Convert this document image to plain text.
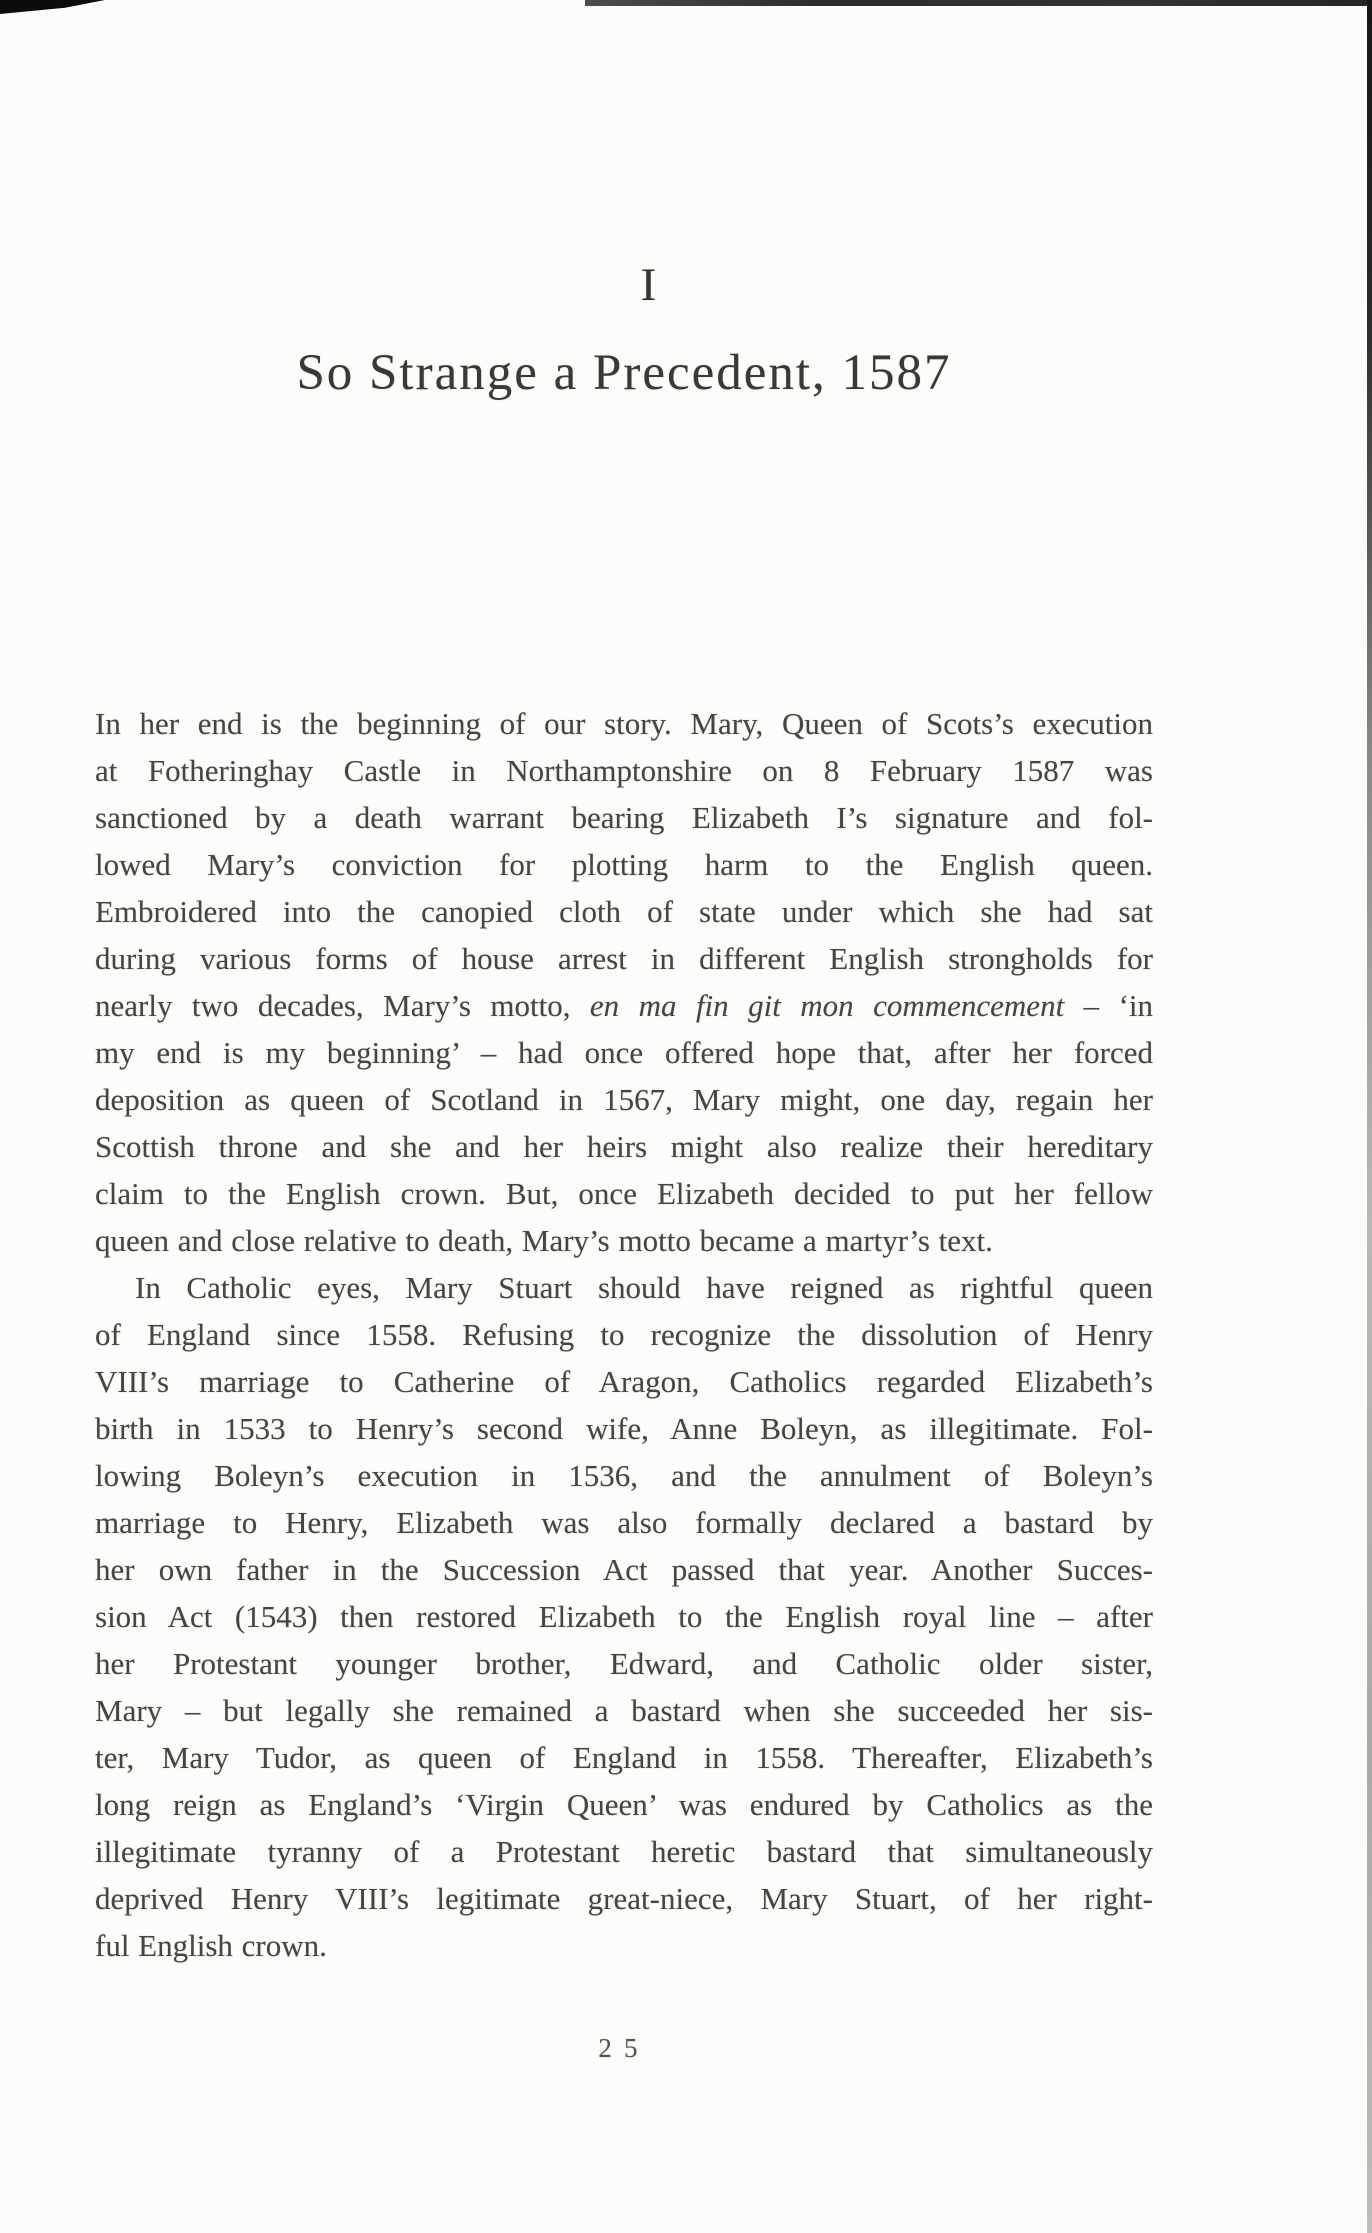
I
So Strange a Precedent, 1587
In her end is the beginning of our story. Mary, Queen of Scots’s execution
at Fotheringhay Castle in Northamptonshire on 8 February 1587 was
sanctioned by a death warrant bearing Elizabeth I’s signature and fol-
lowed Mary’s conviction for plotting harm to the English queen.
Embroidered into the canopied cloth of state under which she had sat
during various forms of house arrest in different English strongholds for
nearly two decades, Mary’s motto, en ma fin git mon commencement – ‘in
my end is my beginning’ – had once offered hope that, after her forced
deposition as queen of Scotland in 1567, Mary might, one day, regain her
Scottish throne and she and her heirs might also realize their hereditary
claim to the English crown. But, once Elizabeth decided to put her fellow
queen and close relative to death, Mary’s motto became a martyr’s text.
In Catholic eyes, Mary Stuart should have reigned as rightful queen
of England since 1558. Refusing to recognize the dissolution of Henry
VIII’s marriage to Catherine of Aragon, Catholics regarded Elizabeth’s
birth in 1533 to Henry’s second wife, Anne Boleyn, as illegitimate. Fol-
lowing Boleyn’s execution in 1536, and the annulment of Boleyn’s
marriage to Henry, Elizabeth was also formally declared a bastard by
her own father in the Succession Act passed that year. Another Succes-
sion Act (1543) then restored Elizabeth to the English royal line – after
her Protestant younger brother, Edward, and Catholic older sister,
Mary – but legally she remained a bastard when she succeeded her sis-
ter, Mary Tudor, as queen of England in 1558. Thereafter, Elizabeth’s
long reign as England’s ‘Virgin Queen’ was endured by Catholics as the
illegitimate tyranny of a Protestant heretic bastard that simultaneously
deprived Henry VIII’s legitimate great-niece, Mary Stuart, of her right-
ful English crown.
25
